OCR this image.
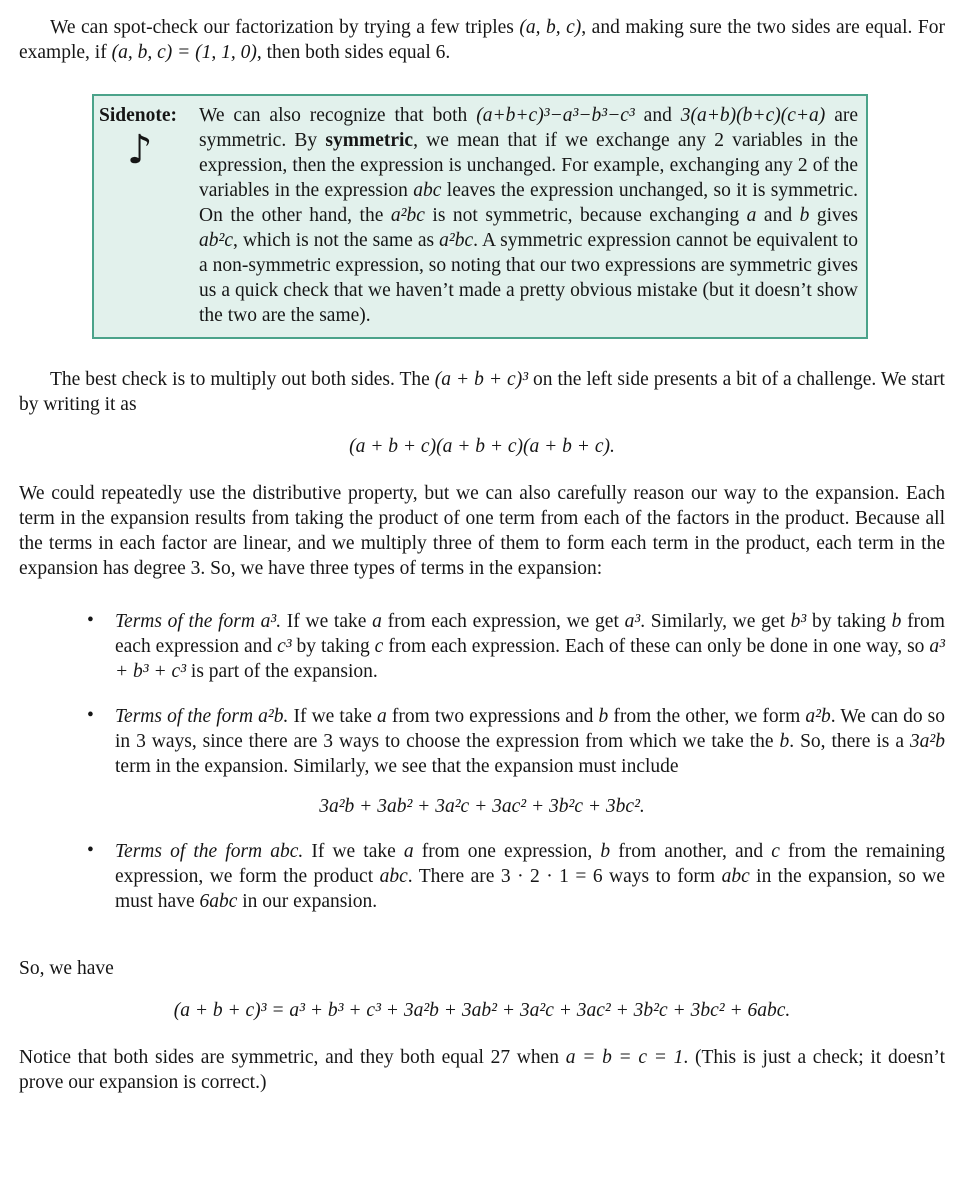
We can spot-check our factorization by trying a few triples (a, b, c), and making sure the two sides are equal. For example, if (a, b, c) = (1, 1, 0), then both sides equal 6.

Sidenote:
♪
We can also recognize that both (a+b+c)³−a³−b³−c³ and 3(a+b)(b+c)(c+a) are symmetric. By symmetric, we mean that if we exchange any 2 variables in the expression, then the expression is unchanged. For example, exchanging any 2 of the variables in the expression abc leaves the expression unchanged, so it is symmetric. On the other hand, the a²bc is not symmetric, because exchanging a and b gives ab²c, which is not the same as a²bc. A symmetric expression cannot be equivalent to a non-symmetric expression, so noting that our two expressions are symmetric gives us a quick check that we haven’t made a pretty obvious mistake (but it doesn’t show the two are the same).

The best check is to multiply out both sides. The (a + b + c)³ on the left side presents a bit of a challenge. We start by writing it as

(a + b + c)(a + b + c)(a + b + c).

We could repeatedly use the distributive property, but we can also carefully reason our way to the expansion. Each term in the expansion results from taking the product of one term from each of the factors in the product. Because all the terms in each factor are linear, and we multiply three of them to form each term in the product, each term in the expansion has degree 3. So, we have three types of terms in the expansion:

• Terms of the form a³. If we take a from each expression, we get a³. Similarly, we get b³ by taking b from each expression and c³ by taking c from each expression. Each of these can only be done in one way, so a³ + b³ + c³ is part of the expansion.
• Terms of the form a²b. If we take a from two expressions and b from the other, we form a²b. We can do so in 3 ways, since there are 3 ways to choose the expression from which we take the b. So, there is a 3a²b term in the expansion. Similarly, we see that the expansion must include
3a²b + 3ab² + 3a²c + 3ac² + 3b²c + 3bc².
• Terms of the form abc. If we take a from one expression, b from another, and c from the remaining expression, we form the product abc. There are 3 · 2 · 1 = 6 ways to form abc in the expansion, so we must have 6abc in our expansion.

So, we have

(a + b + c)³ = a³ + b³ + c³ + 3a²b + 3ab² + 3a²c + 3ac² + 3b²c + 3bc² + 6abc.

Notice that both sides are symmetric, and they both equal 27 when a = b = c = 1. (This is just a check; it doesn’t prove our expansion is correct.)
